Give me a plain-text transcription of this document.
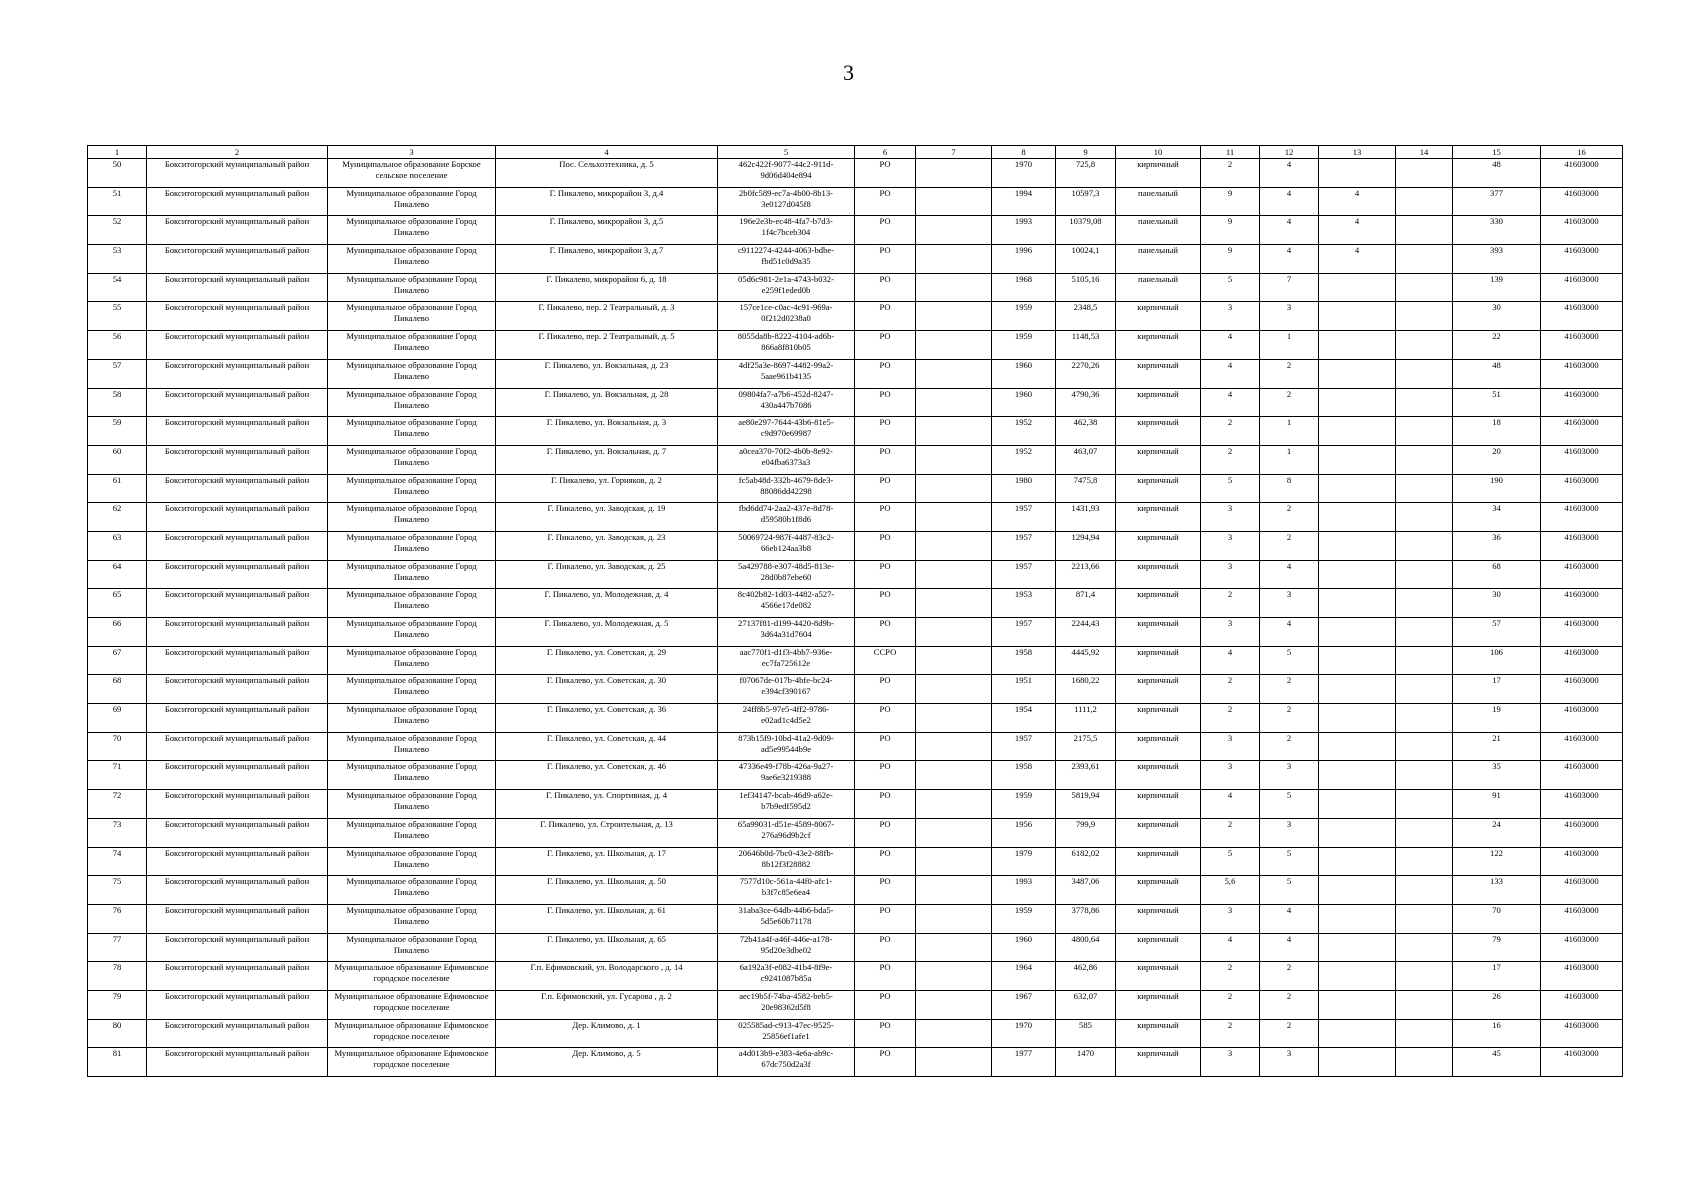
3
1	2	3	4	5	6	7	8	9	10	11	12	13	14	15	16
50	Бокситогорский муниципальный район	Муниципальное образование Борское сельское поселение	Пос. Сельхозтехника, д. 5	462c422f-9077-44c2-911d-9d06d404e894	РО		1970	725,8	кирпичный	2	4			48	41603000
51	Бокситогорский муниципальный район	Муниципальное образование Город Пикалево	Г. Пикалево, микрорайон 3, д.4	2b0fc589-ec7a-4b00-8b13-3e0127d045f8	РО		1994	10597,3	панельный	9	4	4		377	41603000
52	Бокситогорский муниципальный район	Муниципальное образование Город Пикалево	Г. Пикалево, микрорайон 3, д.5	196e2e3b-ec48-4fa7-b7d3-1f4c7bceb304	РО		1993	10379,08	панельный	9	4	4		330	41603000
53	Бокситогорский муниципальный район	Муниципальное образование Город Пикалево	Г. Пикалево, микрорайон 3, д.7	c9112274-4244-4063-bdbe-fbd51c0d9a35	РО		1996	10024,1	панельный	9	4	4		393	41603000
54	Бокситогорский муниципальный район	Муниципальное образование Город Пикалево	Г. Пикалево, микрорайон 6, д. 18	05d6c981-2e1a-4743-b032-e259f1eded0b	РО		1968	5105,16	панельный	5	7			139	41603000
55	Бокситогорский муниципальный район	Муниципальное образование Город Пикалево	Г. Пикалево, пер. 2 Театральный, д. 3	157ce1ce-c0ac-4c91-969a-0f212d0238a0	РО		1959	2348,5	кирпичный	3	3			30	41603000
56	Бокситогорский муниципальный район	Муниципальное образование Город Пикалево	Г. Пикалево, пер. 2 Театральный, д. 5	8055da8b-8222-4104-ad6b-866a8f810b05	РО		1959	1148,53	кирпичный	4	1			22	41603000
57	Бокситогорский муниципальный район	Муниципальное образование Город Пикалево	Г. Пикалево, ул. Вокзальная, д. 23	4df25a3e-8697-4482-99a2-5aae961b4135	РО		1960	2270,26	кирпичный	4	2			48	41603000
58	Бокситогорский муниципальный район	Муниципальное образование Город Пикалево	Г. Пикалево, ул. Вокзальная, д. 28	09804fa7-a7b6-452d-8247-430a447b7086	РО		1960	4790,36	кирпичный	4	2			51	41603000
59	Бокситогорский муниципальный район	Муниципальное образование Город Пикалево	Г. Пикалево, ул. Вокзальная, д. 3	ae80e297-7644-43b6-81e5-c9d970e69987	РО		1952	462,38	кирпичный	2	1			18	41603000
60	Бокситогорский муниципальный район	Муниципальное образование Город Пикалево	Г. Пикалево, ул. Вокзальная, д. 7	a0cea370-70f2-4b0b-8e92-e04fba6373a3	РО		1952	463,07	кирпичный	2	1			20	41603000
61	Бокситогорский муниципальный район	Муниципальное образование Город Пикалево	Г. Пикалево, ул. Горняков, д. 2	fc5ab48d-332b-4679-8de3-88086dd42298	РО		1980	7475,8	кирпичный	5	8			190	41603000
62	Бокситогорский муниципальный район	Муниципальное образование Город Пикалево	Г. Пикалево, ул. Заводская, д. 19	fbd6dd74-2aa2-437e-8d78-d59580b1f8d6	РО		1957	1431,93	кирпичный	3	2			34	41603000
63	Бокситогорский муниципальный район	Муниципальное образование Город Пикалево	Г. Пикалево, ул. Заводская, д. 23	50069724-987f-4487-83c2-66eb124aa3b8	РО		1957	1294,94	кирпичный	3	2			36	41603000
64	Бокситогорский муниципальный район	Муниципальное образование Город Пикалево	Г. Пикалево, ул. Заводская, д. 25	5a429788-e307-48d5-813e-28d0b87ebe60	РО		1957	2213,66	кирпичный	3	4			68	41603000
65	Бокситогорский муниципальный район	Муниципальное образование Город Пикалево	Г. Пикалево, ул. Молодежная, д. 4	8c402b82-1d03-4482-a527-4566e17de082	РО		1953	871,4	кирпичный	2	3			30	41603000
66	Бокситогорский муниципальный район	Муниципальное образование Город Пикалево	Г. Пикалево, ул. Молодежная, д. 5	27137f81-d199-4420-8d9b-3d64a31d7604	РО		1957	2244,43	кирпичный	3	4			57	41603000
67	Бокситогорский муниципальный район	Муниципальное образование Город Пикалево	Г. Пикалево, ул. Советская, д. 29	aac770f1-d1f3-4bb7-936e-ec7fa725612e	ССРО		1958	4445,92	кирпичный	4	5			106	41603000
68	Бокситогорский муниципальный район	Муниципальное образование Город Пикалево	Г. Пикалево, ул. Советская, д. 30	f07067de-017b-4bfe-bc24-e394cf390167	РО		1951	1680,22	кирпичный	2	2			17	41603000
69	Бокситогорский муниципальный район	Муниципальное образование Город Пикалево	Г. Пикалево, ул. Советская, д. 36	24ff8b5-97e5-4ff2-9786-e02ad1c4d5e2	РО		1954	1111,2	кирпичный	2	2			19	41603000
70	Бокситогорский муниципальный район	Муниципальное образование Город Пикалево	Г. Пикалево, ул. Советская, д. 44	873b15f9-10bd-41a2-9d09-ad5e99544b9e	РО		1957	2175,5	кирпичный	3	2			21	41603000
71	Бокситогорский муниципальный район	Муниципальное образование Город Пикалево	Г. Пикалево, ул. Советская, д. 46	47336e49-f78b-426a-9a27-9ae6e3219388	РО		1958	2393,61	кирпичный	3	3			35	41603000
72	Бокситогорский муниципальный район	Муниципальное образование Город Пикалево	Г. Пикалево, ул. Спортивная, д. 4	1ef34147-bcab-46d9-a62e-b7b9edf595d2	РО		1959	5819,94	кирпичный	4	5			91	41603000
73	Бокситогорский муниципальный район	Муниципальное образование Город Пикалево	Г. Пикалево, ул. Строительная, д. 13	65a99031-d51e-4589-8067-276a96d9b2cf	РО		1956	799,9	кирпичный	2	3			24	41603000
74	Бокситогорский муниципальный район	Муниципальное образование Город Пикалево	Г. Пикалево, ул. Школьная, д. 17	20646b0d-7bc0-43e2-88fb-8b12f3f28882	РО		1979	6182,02	кирпичный	5	5			122	41603000
75	Бокситогорский муниципальный район	Муниципальное образование Город Пикалево	Г. Пикалево, ул. Школьная, д. 50	7577d10c-561a-44f0-afc1-b3f7c85e6ea4	РО		1993	3487,06	кирпичный	5,6	5			133	41603000
76	Бокситогорский муниципальный район	Муниципальное образование Город Пикалево	Г. Пикалево, ул. Школьная, д. 61	31aba3ce-64db-44b6-bda5-5d5e60b71178	РО		1959	3778,86	кирпичный	3	4			70	41603000
77	Бокситогорский муниципальный район	Муниципальное образование Город Пикалево	Г. Пикалево, ул. Школьная, д. 65	72b41a4f-a46f-446e-a178-95d20e3dbe02	РО		1960	4800,64	кирпичный	4	4			79	41603000
78	Бокситогорский муниципальный район	Муниципальное образование Ефимовское городское поселение	Г.п. Ефимовский, ул. Володарского , д. 14	6a192a3f-e082-41b4-8f9e-c9241087b85a	РО		1964	462,86	кирпичный	2	2			17	41603000
79	Бокситогорский муниципальный район	Муниципальное образование Ефимовское городское поселение	Г.п. Ефимовский, ул. Гусарова , д. 2	aec19b5f-74ba-4582-beb5-20e98362d5f8	РО		1967	632,07	кирпичный	2	2			26	41603000
80	Бокситогорский муниципальный район	Муниципальное образование Ефимовское городское поселение	Дер. Климово, д. 1	025585ad-c913-47ec-9525-25856ef1afe1	РО		1970	585	кирпичный	2	2			16	41603000
81	Бокситогорский муниципальный район	Муниципальное образование Ефимовское городское поселение	Дер. Климово, д. 5	a4d013b9-e383-4e6a-ab9c-67dc750d2a3f	РО		1977	1470	кирпичный	3	3			45	41603000
